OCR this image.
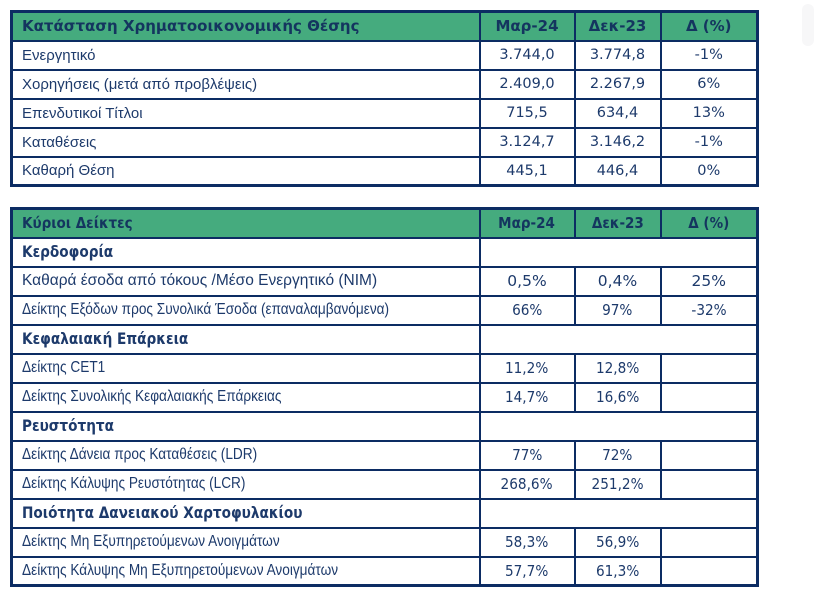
Κατάσταση Χρηματοοικονομικής Θέσης	Μαρ-24	Δεκ-23	Δ (%)
Ενεργητικό	3.744,0	3.774,8	-1%
Χορηγήσεις (μετά από προβλέψεις)	2.409,0	2.267,9	6%
Επενδυτικοί Τίτλοι	715,5	634,4	13%
Καταθέσεις	3.124,7	3.146,2	-1%
Καθαρή Θέση	445,1	446,4	0%
Κύριοι Δείκτες	Μαρ-24	Δεκ-23	Δ (%)
Κερδοφορία			
Καθαρά έσοδα από τόκους /Μέσο Ενεργητικό (ΝΙΜ)	0,5%	0,4%	25%
Δείκτης Εξόδων προς Συνολικά Έσοδα (επαναλαμβανόμενα)	66%	97%	-32%
Κεφαλαιακή Επάρκεια			
Δείκτης CET1	11,2%	12,8%	
Δείκτης Συνολικής Κεφαλαιακής Επάρκειας	14,7%	16,6%	
Ρευστότητα			
Δείκτης Δάνεια προς Καταθέσεις (LDR)	77%	72%	
Δείκτης Κάλυψης Ρευστότητας (LCR)	268,6%	251,2%	
Ποιότητα Δανειακού Χαρτοφυλακίου			
Δείκτης Μη Εξυπηρετούμενων Ανοιγμάτων	58,3%	56,9%	
Δείκτης Κάλυψης Μη Εξυπηρετούμενων Ανοιγμάτων	57,7%	61,3%	
